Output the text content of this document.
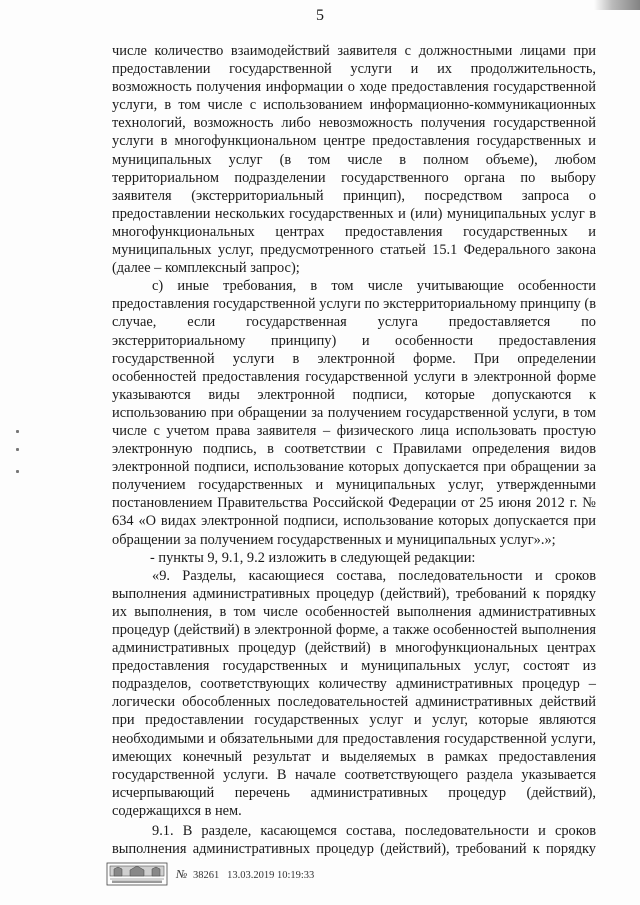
5

числе количество взаимодействий заявителя с должностными лицами при предоставлении государственной услуги и их продолжительность, возможность получения информации о ходе предоставления государственной услуги, в том числе с использованием информационно-коммуникационных технологий, возможность либо невозможность получения государственной услуги в многофункциональном центре предоставления государственных и муниципальных услуг (в том числе в полном объеме), любом территориальном подразделении государственного органа по выбору заявителя (экстерриториальный принцип), посредством запроса о предоставлении нескольких государственных и (или) муниципальных услуг в многофункциональных центрах предоставления государственных и муниципальных услуг, предусмотренного статьей 15.1 Федерального закона (далее – комплексный запрос);

с) иные требования, в том числе учитывающие особенности предоставления государственной услуги по экстерриториальному принципу (в случае, если государственная услуга предоставляется по экстерриториальному принципу) и особенности предоставления государственной услуги в электронной форме. При определении особенностей предоставления государственной услуги в электронной форме указываются виды электронной подписи, которые допускаются к использованию при обращении за получением государственной услуги, в том числе с учетом права заявителя – физического лица использовать простую электронную подпись, в соответствии с Правилами определения видов электронной подписи, использование которых допускается при обращении за получением государственных и муниципальных услуг, утвержденными постановлением Правительства Российской Федерации от 25 июня 2012 г. № 634 «О видах электронной подписи, использование которых допускается при обращении за получением государственных и муниципальных услуг».»;

- пункты 9, 9.1, 9.2 изложить в следующей редакции:

«9. Разделы, касающиеся состава, последовательности и сроков выполнения административных процедур (действий), требований к порядку их выполнения, в том числе особенностей выполнения административных процедур (действий) в электронной форме, а также особенностей выполнения административных процедур (действий) в многофункциональных центрах предоставления государственных и муниципальных услуг, состоят из подразделов, соответствующих количеству административных процедур – логически обособленных последовательностей административных действий при предоставлении государственных услуг и услуг, которые являются необходимыми и обязательными для предоставления государственной услуги, имеющих конечный результат и выделяемых в рамках предоставления государственной услуги. В начале соответствующего раздела указывается исчерпывающий перечень административных процедур (действий), содержащихся в нем.

9.1. В разделе, касающемся состава, последовательности и сроков выполнения административных процедур (действий), требований к порядку

№ 38261 13.03.2019 10:19:33
